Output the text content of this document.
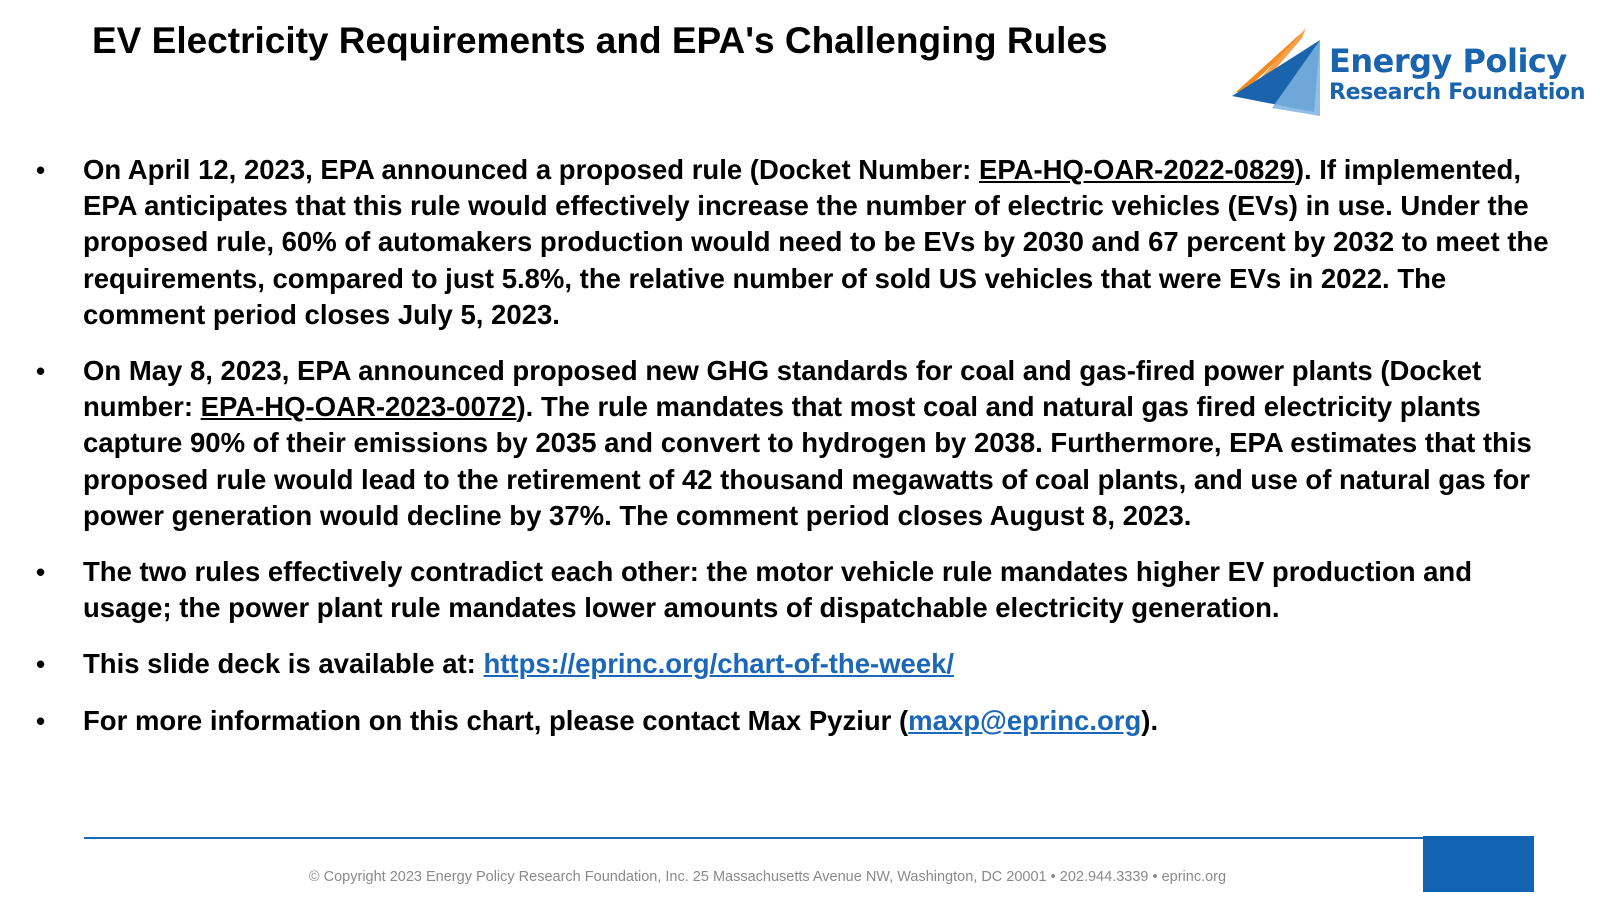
EV Electricity Requirements and EPA's Challenging Rules	Energy Policy
Research Foundation
•	On April 12, 2023, EPA announced a proposed rule (Docket Number: EPA-HQ-OAR-2022-0829). If implemented, EPA anticipates that this rule would effectively increase the number of electric vehicles (EVs) in use. Under the proposed rule, 60% of automakers production would need to be EVs by 2030 and 67 percent by 2032 to meet the requirements, compared to just 5.8%, the relative number of sold US vehicles that were EVs in 2022. The comment period closes July 5, 2023.
•	On May 8, 2023, EPA announced proposed new GHG standards for coal and gas-fired power plants (Docket number: EPA-HQ-OAR-2023-0072). The rule mandates that most coal and natural gas fired electricity plants capture 90% of their emissions by 2035 and convert to hydrogen by 2038. Furthermore, EPA estimates that this proposed rule would lead to the retirement of 42 thousand megawatts of coal plants, and use of natural gas for power generation would decline by 37%. The comment period closes August 8, 2023.
•	The two rules effectively contradict each other: the motor vehicle rule mandates higher EV production and usage; the power plant rule mandates lower amounts of dispatchable electricity generation.
•	This slide deck is available at: https://eprinc.org/chart-of-the-week/
•	For more information on this chart, please contact Max Pyziur (maxp@eprinc.org).
© Copyright 2023 Energy Policy Research Foundation, Inc. 25 Massachusetts Avenue NW, Washington, DC 20001 • 202.944.3339 • eprinc.org
